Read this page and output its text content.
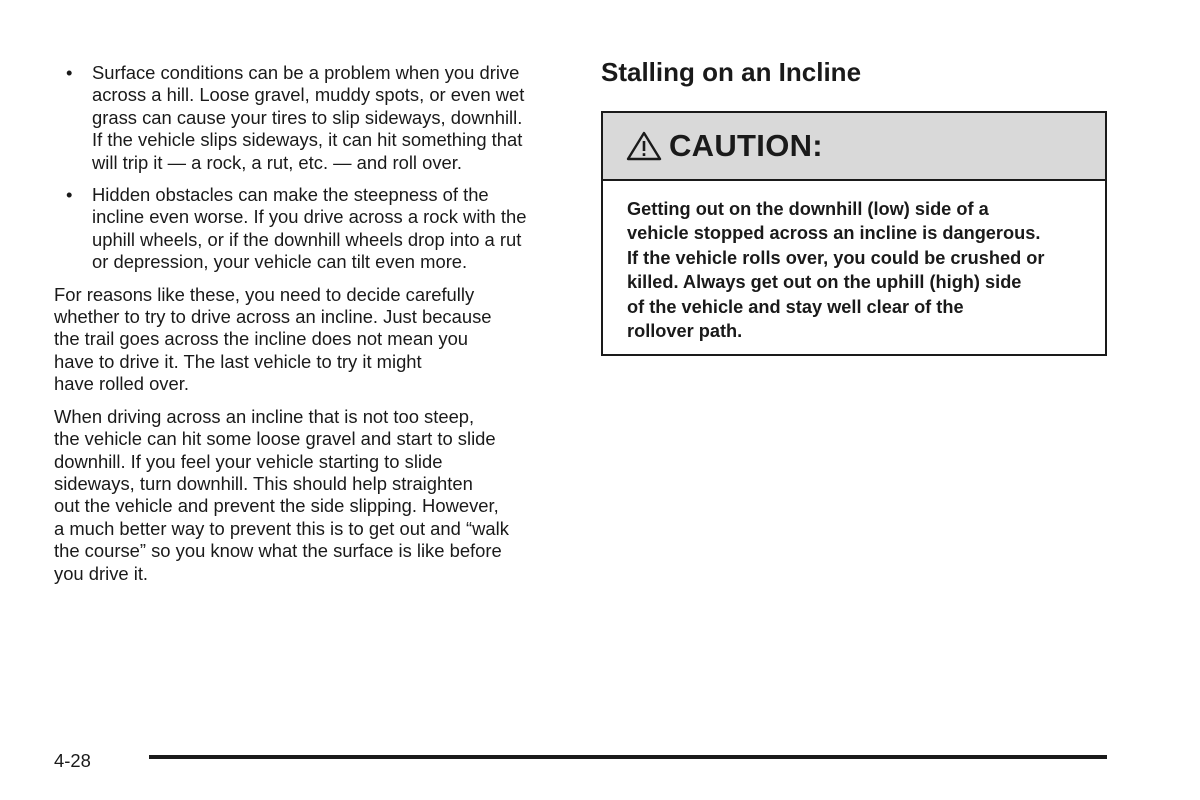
• Surface conditions can be a problem when you drive
across a hill. Loose gravel, muddy spots, or even wet
grass can cause your tires to slip sideways, downhill.
If the vehicle slips sideways, it can hit something that
will trip it — a rock, a rut, etc. — and roll over.
• Hidden obstacles can make the steepness of the
incline even worse. If you drive across a rock with the
uphill wheels, or if the downhill wheels drop into a rut
or depression, your vehicle can tilt even more.

For reasons like these, you need to decide carefully
whether to try to drive across an incline. Just because
the trail goes across the incline does not mean you
have to drive it. The last vehicle to try it might
have rolled over.

When driving across an incline that is not too steep,
the vehicle can hit some loose gravel and start to slide
downhill. If you feel your vehicle starting to slide
sideways, turn downhill. This should help straighten
out the vehicle and prevent the side slipping. However,
a much better way to prevent this is to get out and “walk
the course” so you know what the surface is like before
you drive it.

Stalling on an Incline
CAUTION:
Getting out on the downhill (low) side of a
vehicle stopped across an incline is dangerous.
If the vehicle rolls over, you could be crushed or
killed. Always get out on the uphill (high) side
of the vehicle and stay well clear of the
rollover path.
4-28
